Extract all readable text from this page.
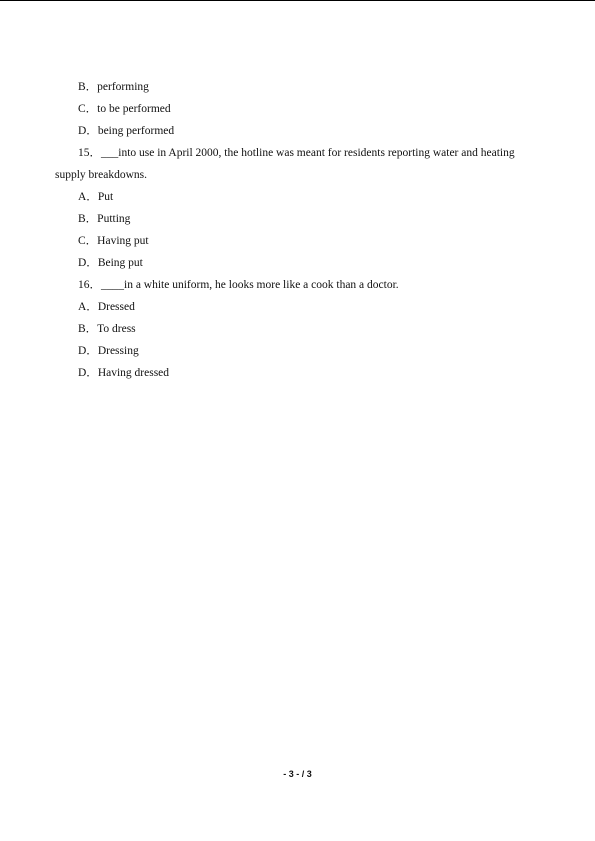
B．performing
C．to be performed
D．being performed
15．___into use in April 2000, the hotline was meant for residents reporting water and heating
supply breakdowns.
A．Put
B．Putting
C．Having put
D．Being put
16．____in a white uniform, he looks more like a cook than a doctor.
A．Dressed
B．To dress
D．Dressing
D．Having dressed
- 3 - / 3
